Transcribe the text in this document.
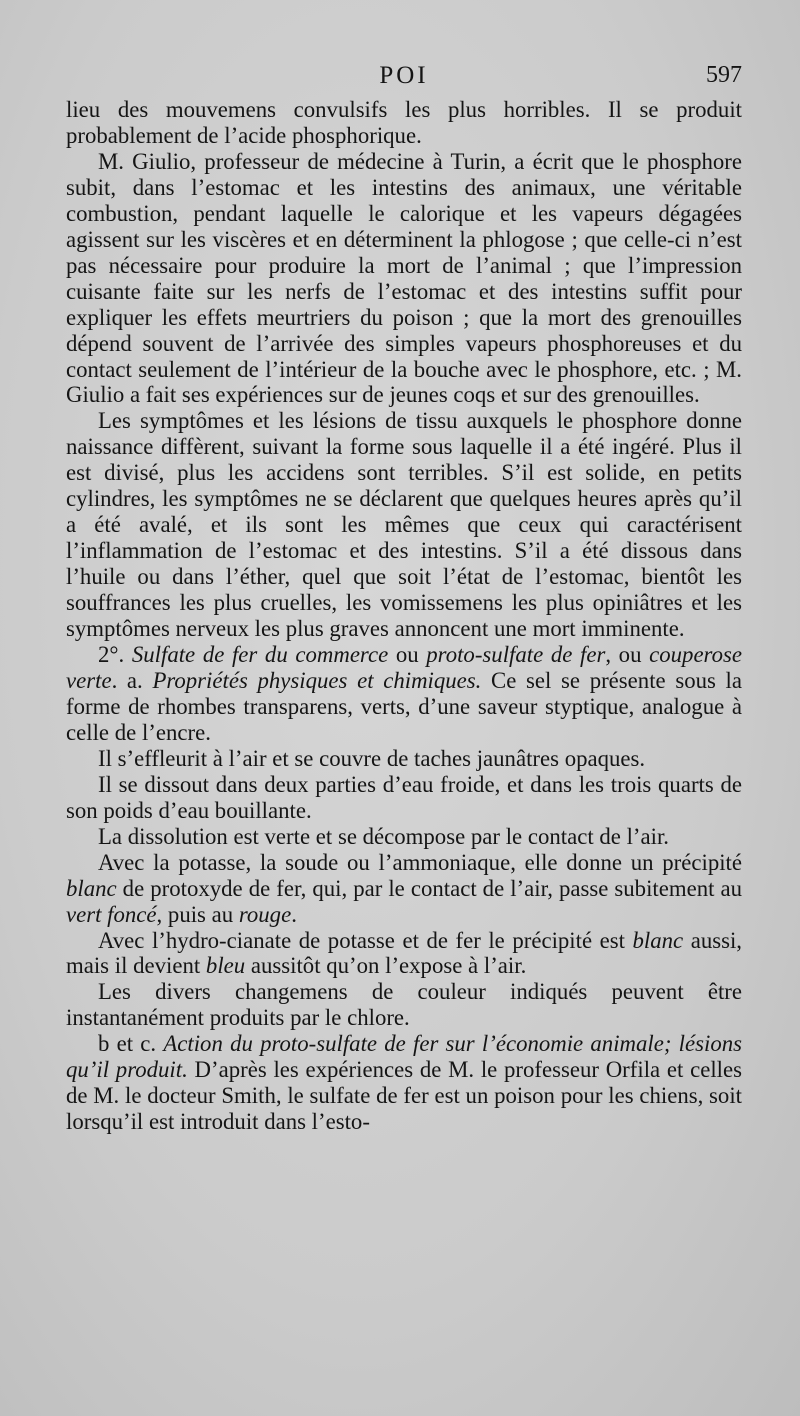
POI	597

lieu des mouvemens convulsifs les plus horribles. Il se produit probablement de l’acide phosphorique.

M. Giulio, professeur de médecine à Turin, a écrit que le phosphore subit, dans l’estomac et les intestins des animaux, une véritable combustion, pendant laquelle le calorique et les vapeurs dégagées agissent sur les viscères et en déterminent la phlogose ; que celle-ci n’est pas nécessaire pour produire la mort de l’animal ; que l’impression cuisante faite sur les nerfs de l’estomac et des intestins suffit pour expliquer les effets meurtriers du poison ; que la mort des grenouilles dépend souvent de l’arrivée des simples vapeurs phosphoreuses et du contact seulement de l’intérieur de la bouche avec le phosphore, etc. ; M. Giulio a fait ses expériences sur de jeunes coqs et sur des grenouilles.

Les symptômes et les lésions de tissu auxquels le phosphore donne naissance diffèrent, suivant la forme sous laquelle il a été ingéré. Plus il est divisé, plus les accidens sont terribles. S’il est solide, en petits cylindres, les symptômes ne se déclarent que quelques heures après qu’il a été avalé, et ils sont les mêmes que ceux qui caractérisent l’inflammation de l’estomac et des intestins. S’il a été dissous dans l’huile ou dans l’éther, quel que soit l’état de l’estomac, bientôt les souffrances les plus cruelles, les vomissemens les plus opiniâtres et les symptômes nerveux les plus graves annoncent une mort imminente.

2°. Sulfate de fer du commerce ou proto-sulfate de fer, ou couperose verte. a. Propriétés physiques et chimiques. Ce sel se présente sous la forme de rhombes transparens, verts, d’une saveur styptique, analogue à celle de l’encre.

Il s’effleurit à l’air et se couvre de taches jaunâtres opaques.

Il se dissout dans deux parties d’eau froide, et dans les trois quarts de son poids d’eau bouillante.

La dissolution est verte et se décompose par le contact de l’air.

Avec la potasse, la soude ou l’ammoniaque, elle donne un précipité blanc de protoxyde de fer, qui, par le contact de l’air, passe subitement au vert foncé, puis au rouge.

Avec l’hydro-cianate de potasse et de fer le précipité est blanc aussi, mais il devient bleu aussitôt qu’on l’expose à l’air.

Les divers changemens de couleur indiqués peuvent être instantanément produits par le chlore.

b et c. Action du proto-sulfate de fer sur l’économie animale; lésions qu’il produit. D’après les expériences de M. le professeur Orfila et celles de M. le docteur Smith, le sulfate de fer est un poison pour les chiens, soit lorsqu’il est introduit dans l’esto-
